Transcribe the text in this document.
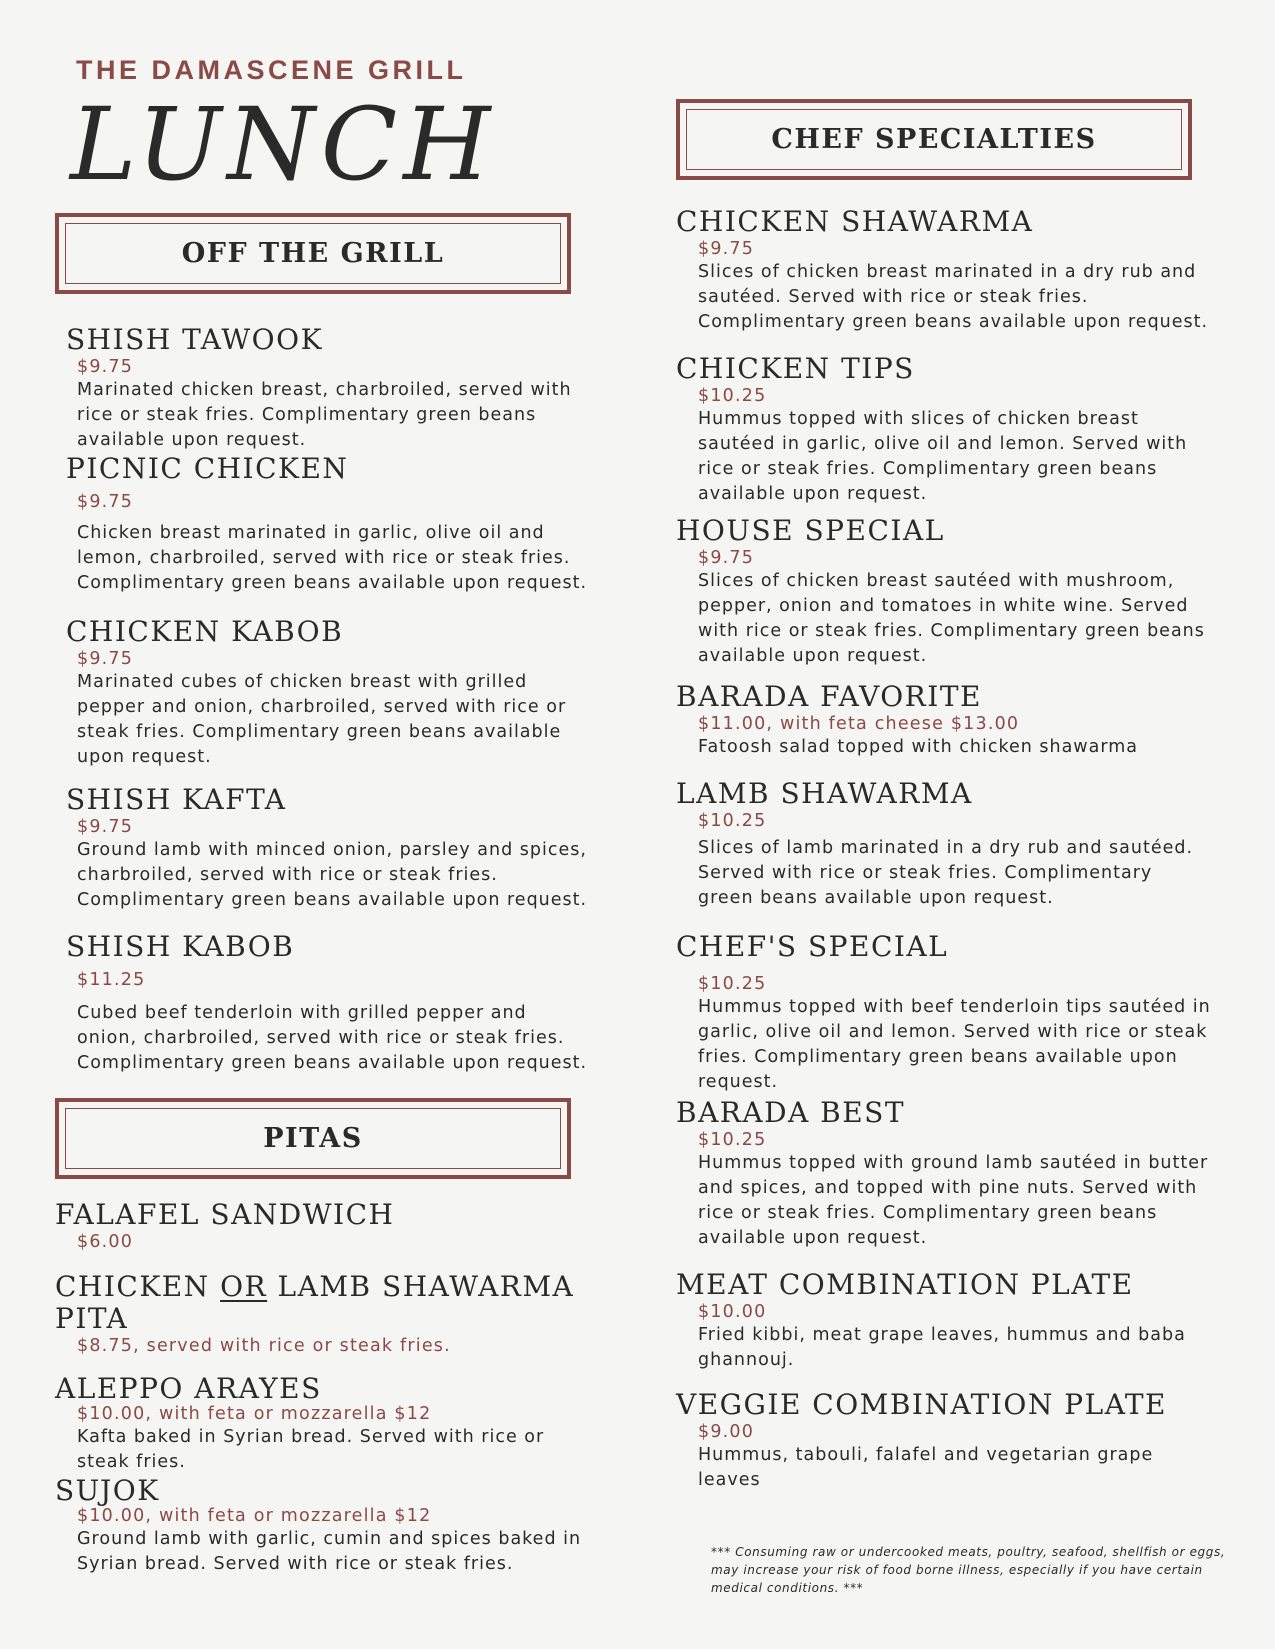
THE DAMASCENE GRILL
LUNCH
OFF THE GRILL

SHISH TAWOOK

$9.75

Marinated chicken breast, charbroiled, served with
rice or steak fries. Complimentary green beans
available upon request.

PICNIC CHICKEN

$9.75

Chicken breast marinated in garlic, olive oil and
lemon, charbroiled, served with rice or steak fries.
Complimentary green beans available upon request.

CHICKEN KABOB

$9.75

Marinated cubes of chicken breast with grilled
pepper and onion, charbroiled, served with rice or
steak fries. Complimentary green beans available
upon request.

SHISH KAFTA

$9.75

Ground lamb with minced onion, parsley and spices,
charbroiled, served with rice or steak fries.
Complimentary green beans available upon request.

SHISH KABOB

$11.25

Cubed beef tenderloin with grilled pepper and
onion, charbroiled, served with rice or steak fries.
Complimentary green beans available upon request.

PITAS

FALAFEL SANDWICH

$6.00

CHICKEN OR LAMB SHAWARMA
PITA

$8.75, served with rice or steak fries.

ALEPPO ARAYES

$10.00, with feta or mozzarella $12

Kafta baked in Syrian bread. Served with rice or
steak fries.

SUJOK

$10.00, with feta or mozzarella $12

Ground lamb with garlic, cumin and spices baked in
Syrian bread. Served with rice or steak fries.

CHEF SPECIALTIES

CHICKEN SHAWARMA

$9.75

Slices of chicken breast marinated in a dry rub and
sautéed. Served with rice or steak fries.
Complimentary green beans available upon request.

CHICKEN TIPS

$10.25

Hummus topped with slices of chicken breast
sautéed in garlic, olive oil and lemon. Served with
rice or steak fries. Complimentary green beans
available upon request.

HOUSE SPECIAL

$9.75

Slices of chicken breast sautéed with mushroom,
pepper, onion and tomatoes in white wine. Served
with rice or steak fries. Complimentary green beans
available upon request.

BARADA FAVORITE

$11.00, with feta cheese $13.00

Fatoosh salad topped with chicken shawarma

LAMB SHAWARMA

$10.25

Slices of lamb marinated in a dry rub and sautéed.
Served with rice or steak fries. Complimentary
green beans available upon request.

CHEF'S SPECIAL

$10.25

Hummus topped with beef tenderloin tips sautéed in
garlic, olive oil and lemon. Served with rice or steak
fries. Complimentary green beans available upon
request.

BARADA BEST

$10.25

Hummus topped with ground lamb sautéed in butter
and spices, and topped with pine nuts. Served with
rice or steak fries. Complimentary green beans
available upon request.

MEAT COMBINATION PLATE

$10.00

Fried kibbi, meat grape leaves, hummus and baba
ghannouj.

VEGGIE COMBINATION PLATE

$9.00

Hummus, tabouli, falafel and vegetarian grape
leaves

*** Consuming raw or undercooked meats, poultry, seafood, shellfish or eggs, may increase your risk of food borne illness, especially if you have certain medical conditions. ***
